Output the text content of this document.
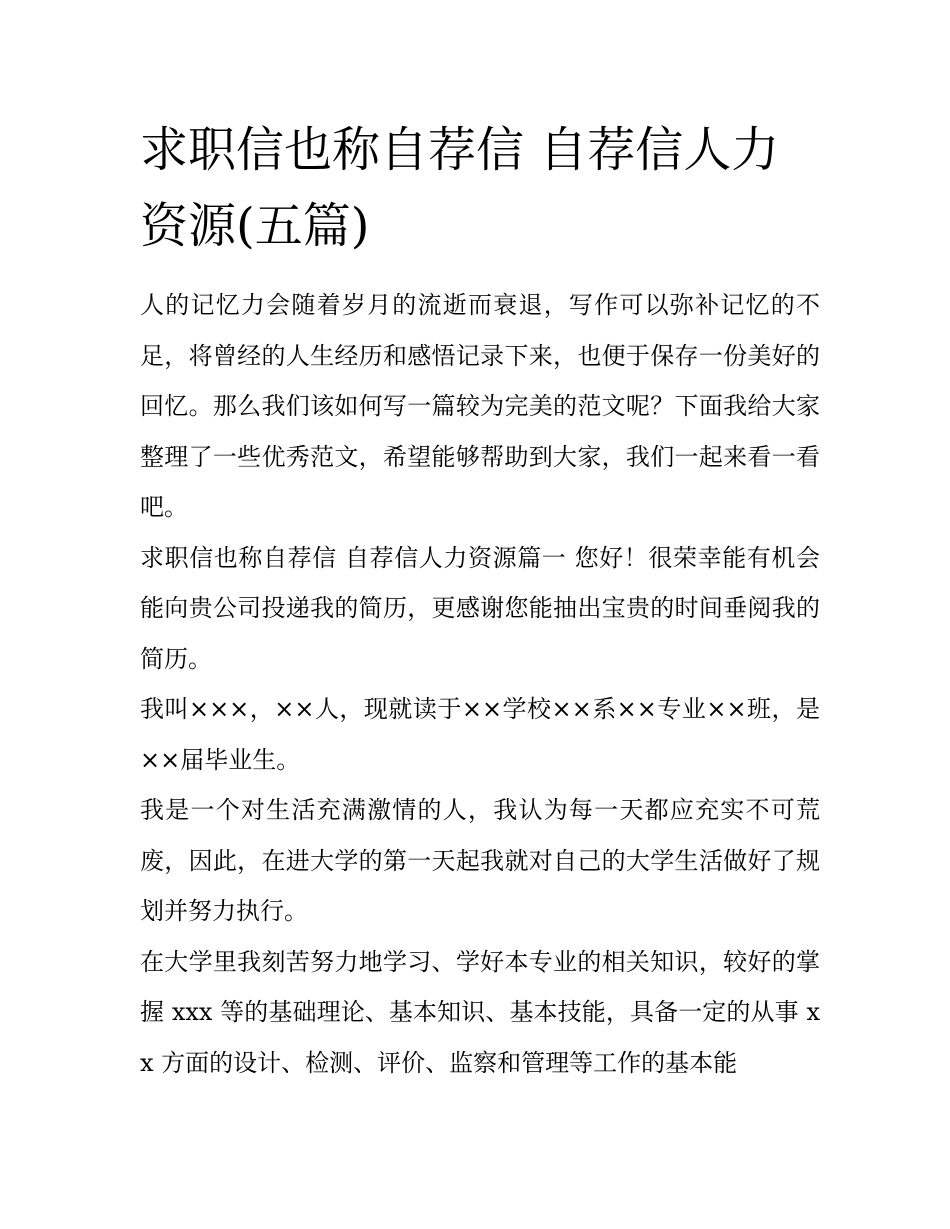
求职信也称自荐信 自荐信人力资源(五篇)

人的记忆力会随着岁月的流逝而衰退，写作可以弥补记忆的不足，将曾经的人生经历和感悟记录下来，也便于保存一份美好的回忆。那么我们该如何写一篇较为完美的范文呢？下面我给大家整理了一些优秀范文，希望能够帮助到大家，我们一起来看一看吧。

求职信也称自荐信 自荐信人力资源篇一 您好！很荣幸能有机会能向贵公司投递我的简历，更感谢您能抽出宝贵的时间垂阅我的简历。

我叫×××，××人，现就读于××学校××系××专业××班，是××届毕业生。

我是一个对生活充满激情的人，我认为每一天都应充实不可荒废，因此，在进大学的第一天起我就对自己的大学生活做好了规划并努力执行。

在大学里我刻苦努力地学习、学好本专业的相关知识，较好的掌握 xxx 等的基础理论、基本知识、基本技能，具备一定的从事 xx 方面的设计、检测、评价、监察和管理等工作的基本能
